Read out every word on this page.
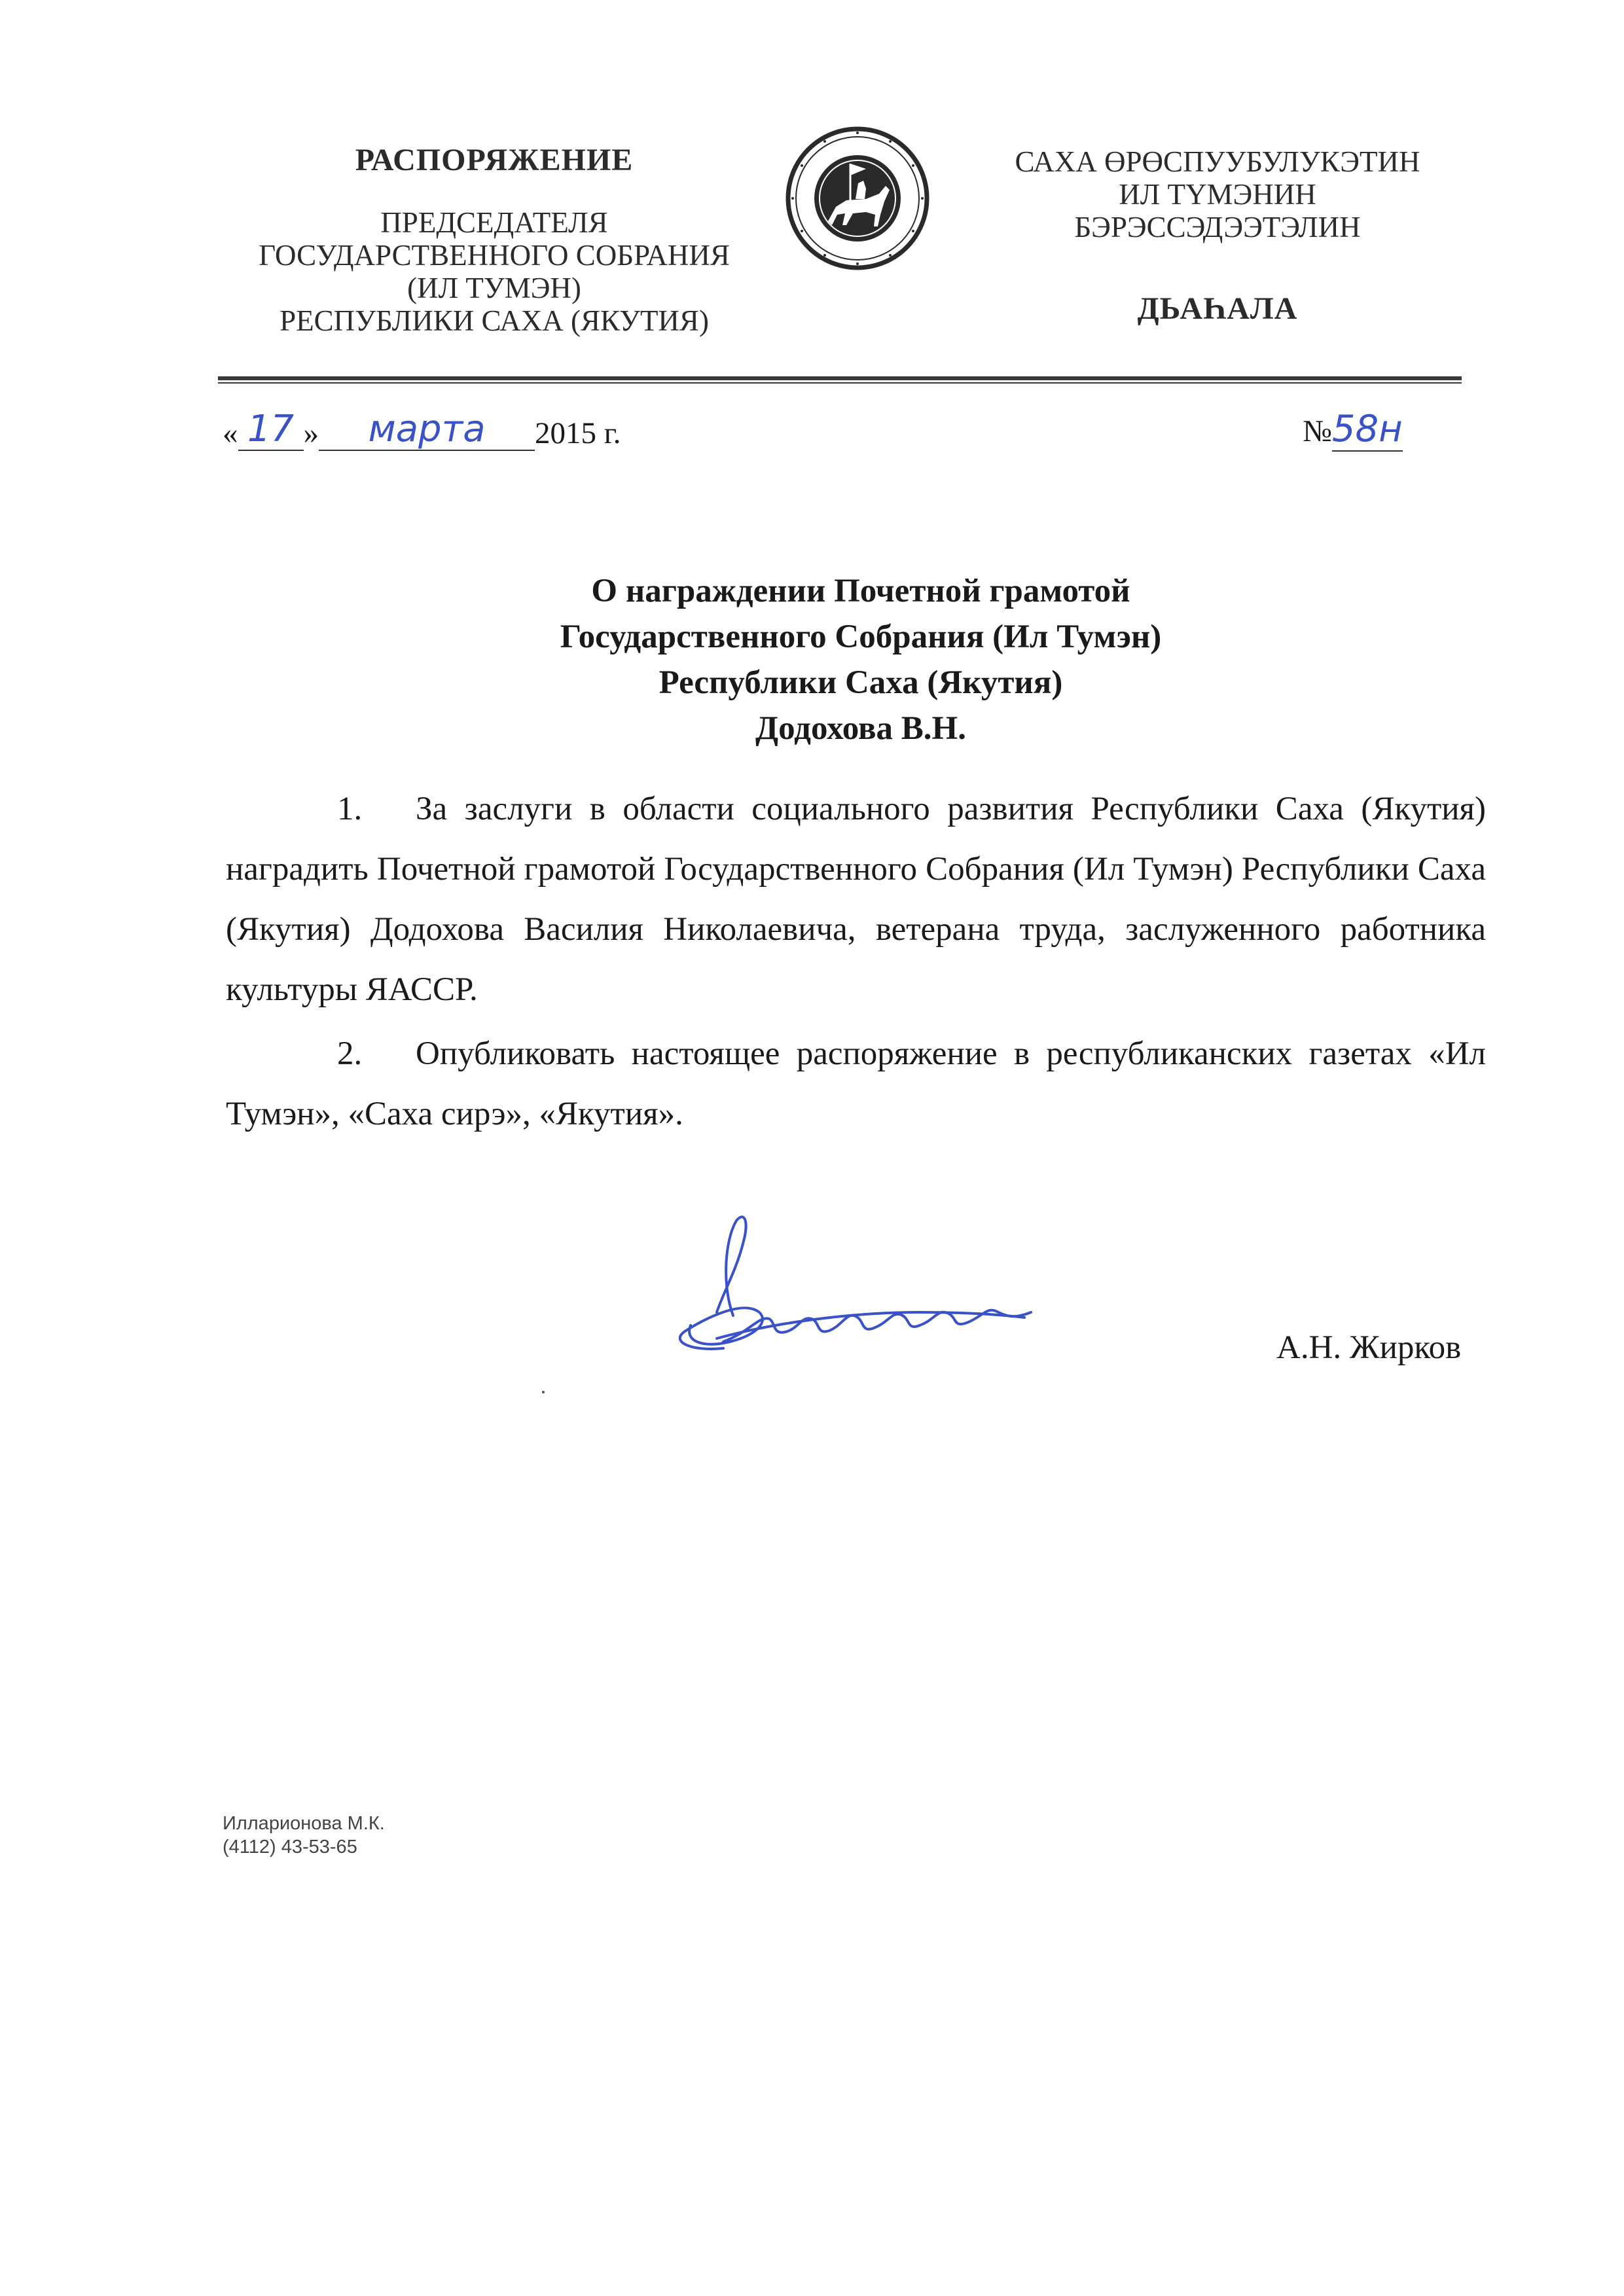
РАСПОРЯЖЕНИЕ
ПРЕДСЕДАТЕЛЯ
ГОСУДАРСТВЕННОГО СОБРАНИЯ
(ИЛ ТУМЭН)
РЕСПУБЛИКИ САХА (ЯКУТИЯ)
САХА ӨРӨСПУУБУЛУКЭТИН
ИЛ ТҮМЭНИН
БЭРЭССЭДЭЭТЭЛИН
ДЬАҺАЛА
« 17 » марта 2015 г.	№58н
О награждении Почетной грамотой
Государственного Собрания (Ил Тумэн)
Республики Саха (Якутия)
Додохова В.Н.

1. За заслуги в области социального развития Республики Саха (Якутия) наградить Почетной грамотой Государственного Собрания (Ил Тумэн) Республики Саха (Якутия) Додохова Василия Николаевича, ветерана труда, заслуженного работника культуры ЯАССР.

2. Опубликовать настоящее распоряжение в республиканских газетах «Ил Тумэн», «Саха сирэ», «Якутия».

А.Н. Жирков
Илларионова М.К.
(4112) 43-53-65
